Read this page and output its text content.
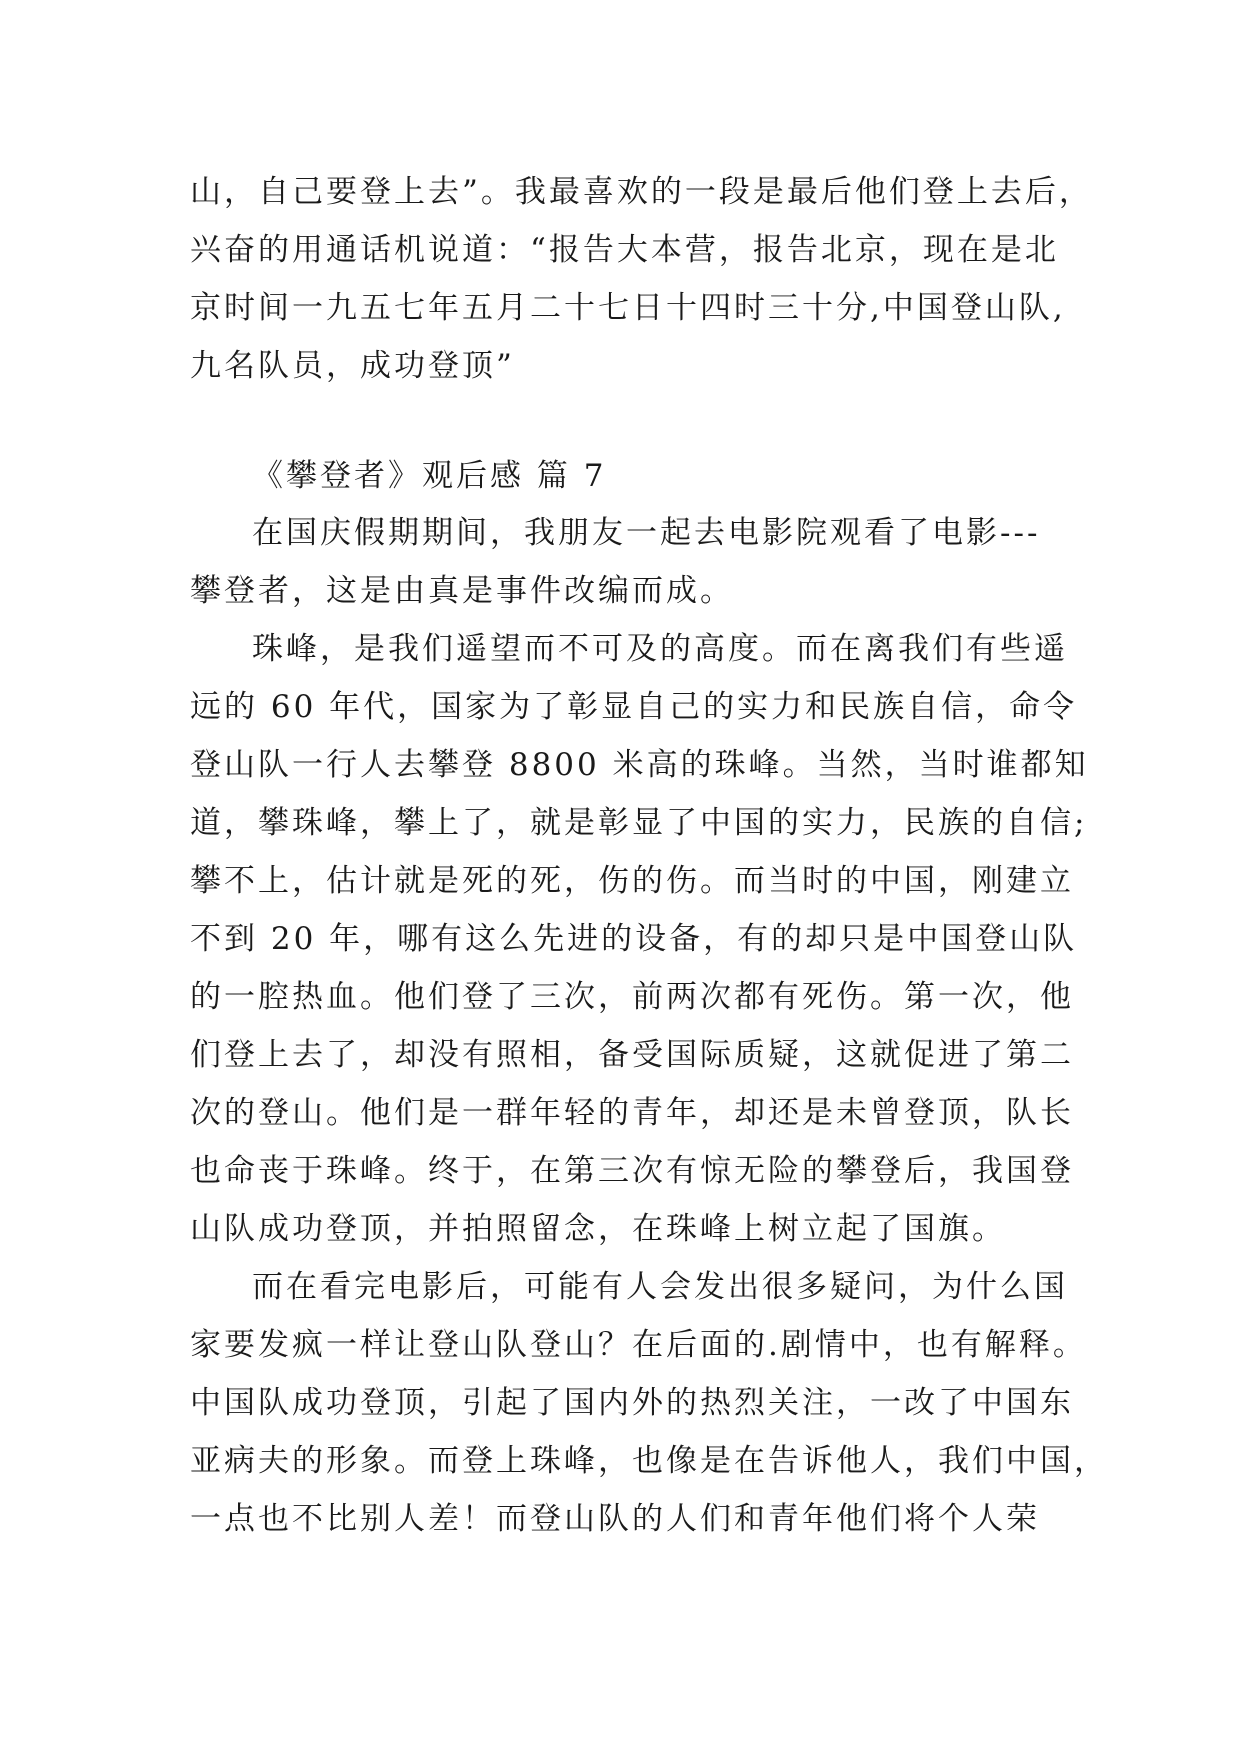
山，自己要登上去”。我最喜欢的一段是最后他们登上去后，
兴奋的用通话机说道：“报告大本营，报告北京，现在是北
京时间一九五七年五月二十七日十四时三十分,中国登山队,
九名队员，成功登顶”
《攀登者》观后感 篇 7
在国庆假期期间，我朋友一起去电影院观看了电影---
攀登者，这是由真是事件改编而成。
珠峰，是我们遥望而不可及的高度。而在离我们有些遥
远的 60 年代，国家为了彰显自己的实力和民族自信，命令
登山队一行人去攀登 8800 米高的珠峰。当然，当时谁都知
道，攀珠峰，攀上了，就是彰显了中国的实力，民族的自信;
攀不上，估计就是死的死，伤的伤。而当时的中国，刚建立
不到 20 年，哪有这么先进的设备，有的却只是中国登山队
的一腔热血。他们登了三次，前两次都有死伤。第一次，他
们登上去了，却没有照相，备受国际质疑，这就促进了第二
次的登山。他们是一群年轻的青年，却还是未曾登顶，队长
也命丧于珠峰。终于，在第三次有惊无险的攀登后，我国登
山队成功登顶，并拍照留念，在珠峰上树立起了国旗。
而在看完电影后，可能有人会发出很多疑问，为什么国
家要发疯一样让登山队登山？在后面的.剧情中，也有解释。
中国队成功登顶，引起了国内外的热烈关注，一改了中国东
亚病夫的形象。而登上珠峰，也像是在告诉他人，我们中国，
一点也不比别人差！而登山队的人们和青年他们将个人荣
